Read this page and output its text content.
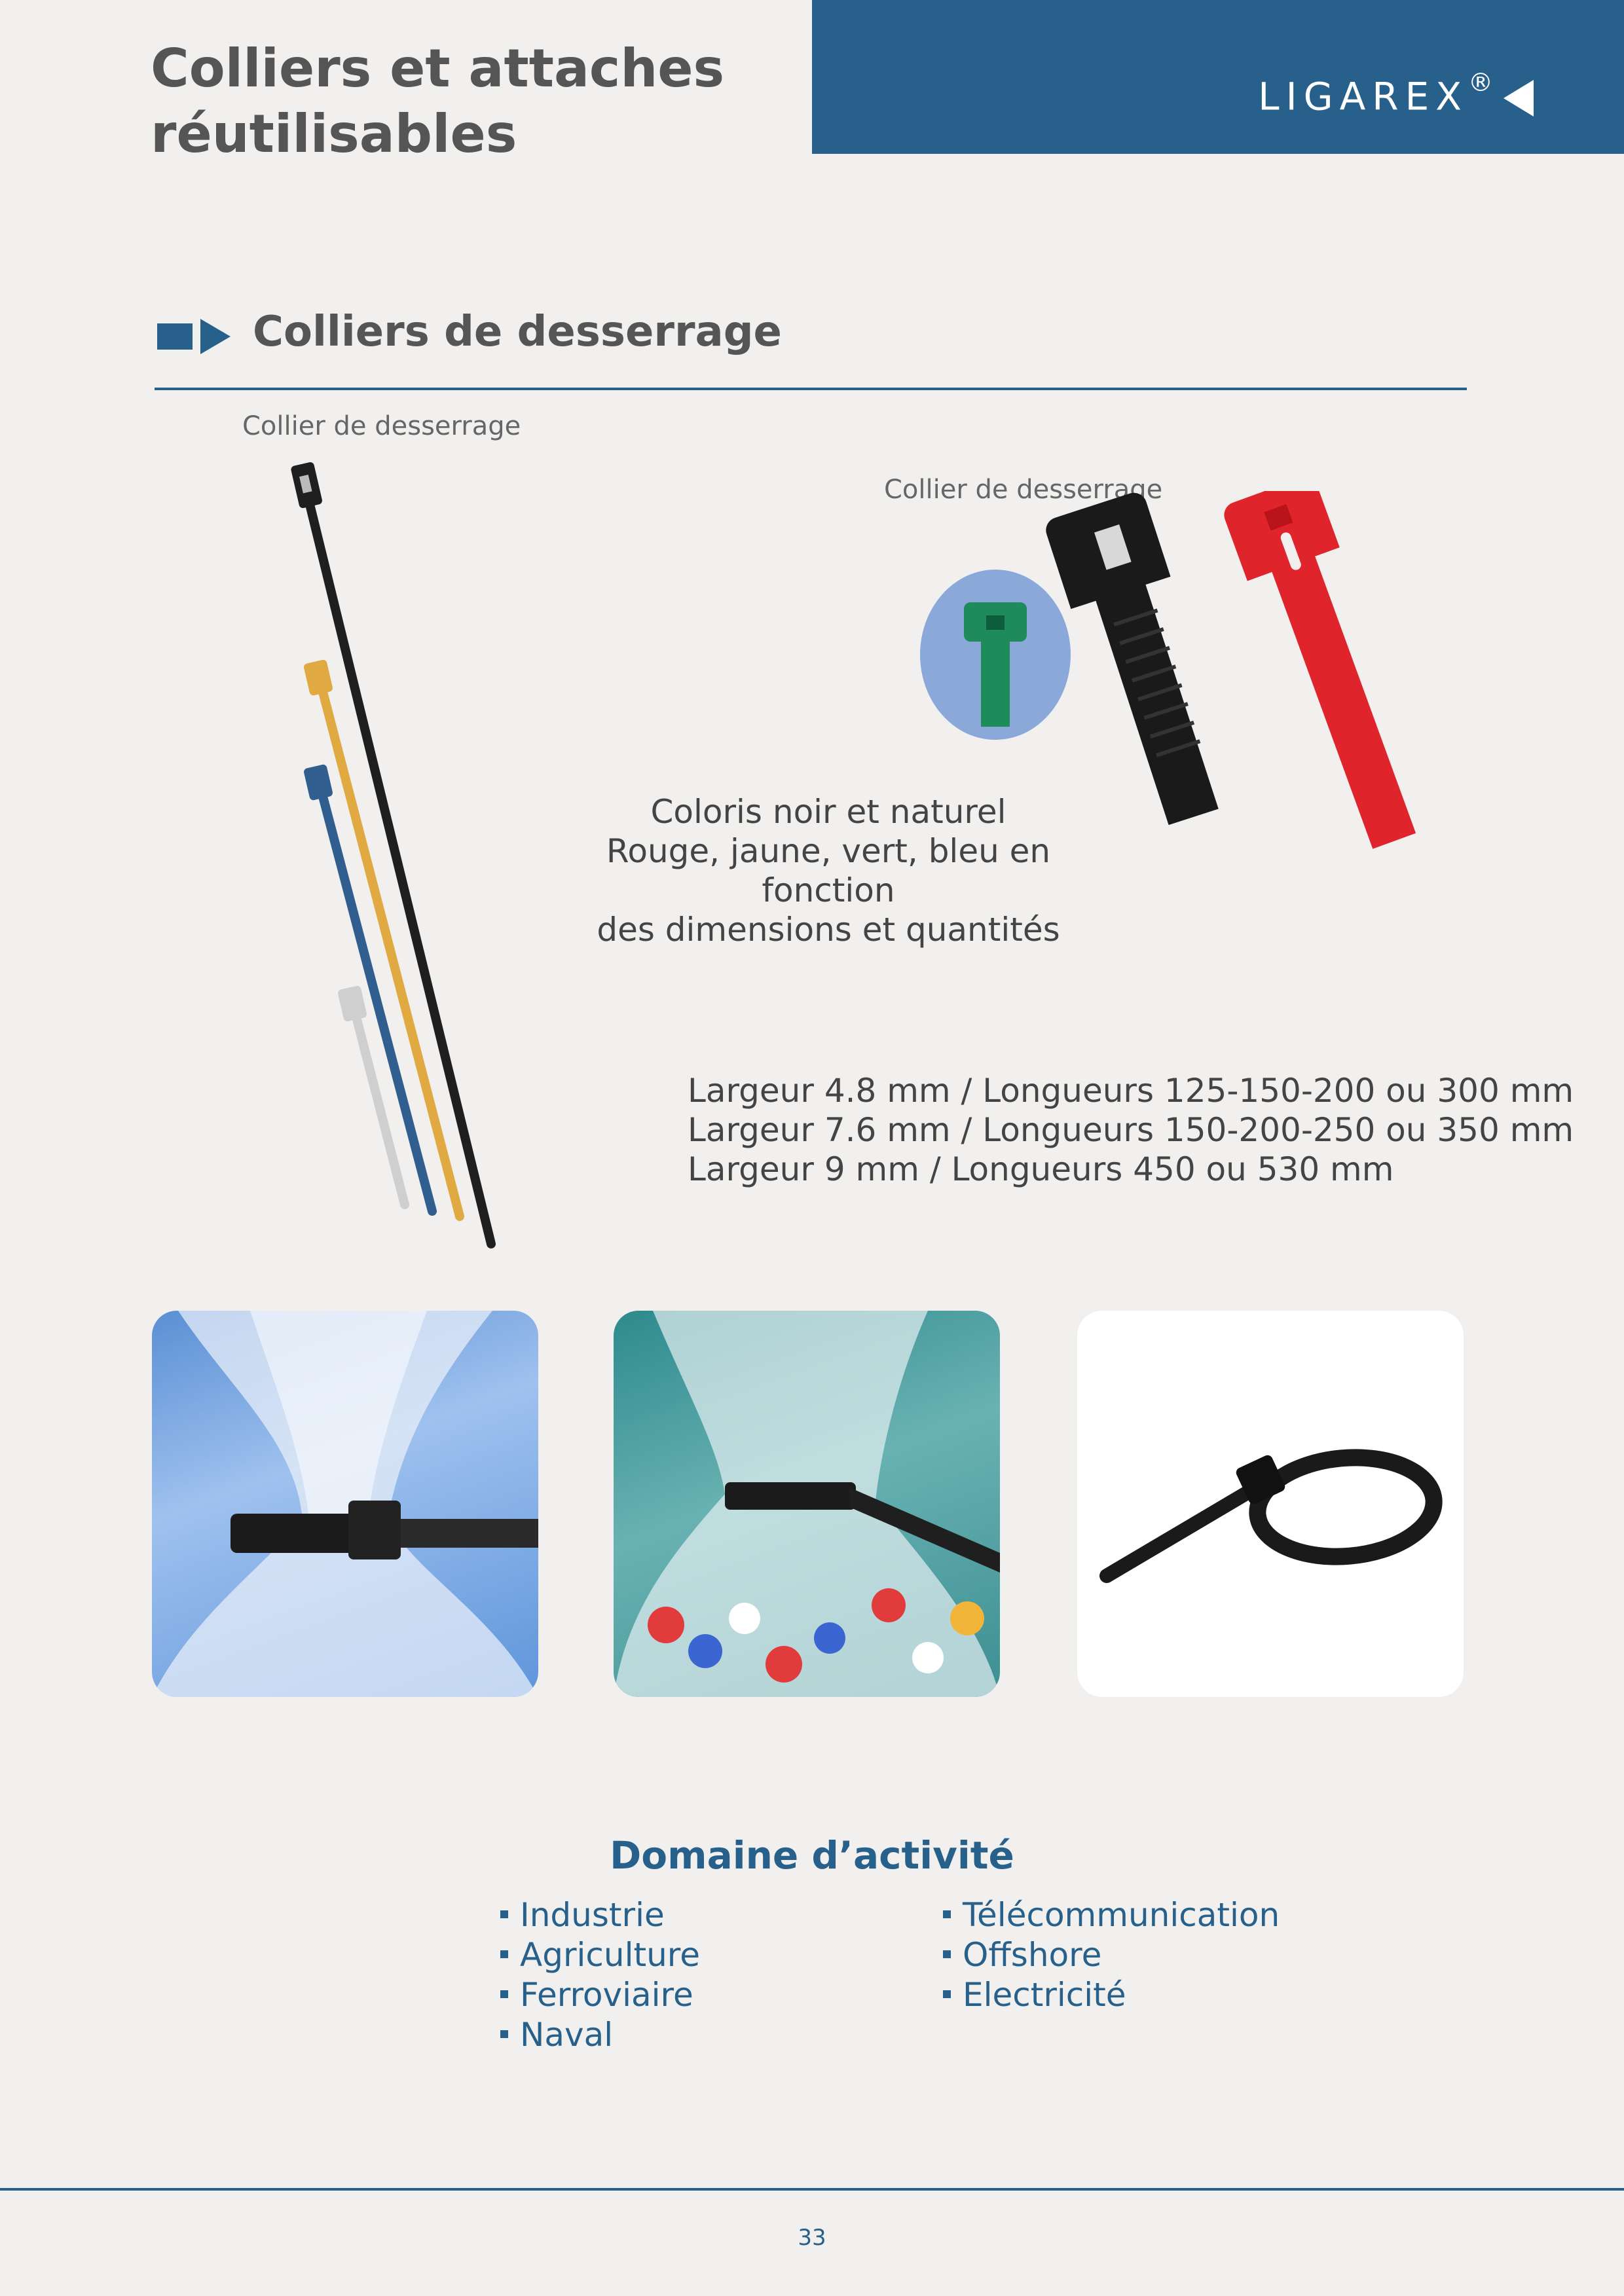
Colliers et attaches
réutilisables
LIGAREX®
Colliers de desserrage
Collier de desserrage
Collier de desserrage
Coloris noir et naturel
Rouge, jaune, vert, bleu en fonction
des dimensions et quantités
Largeur 4.8 mm / Longueurs 125-150-200 ou 300 mm
Largeur 7.6 mm / Longueurs 150-200-250 ou 350 mm
Largeur 9 mm / Longueurs 450 ou 530 mm
Domaine d’activité
Industrie
Agriculture
Ferroviaire
Naval
Télécommunication
Offshore
Electricité
33
